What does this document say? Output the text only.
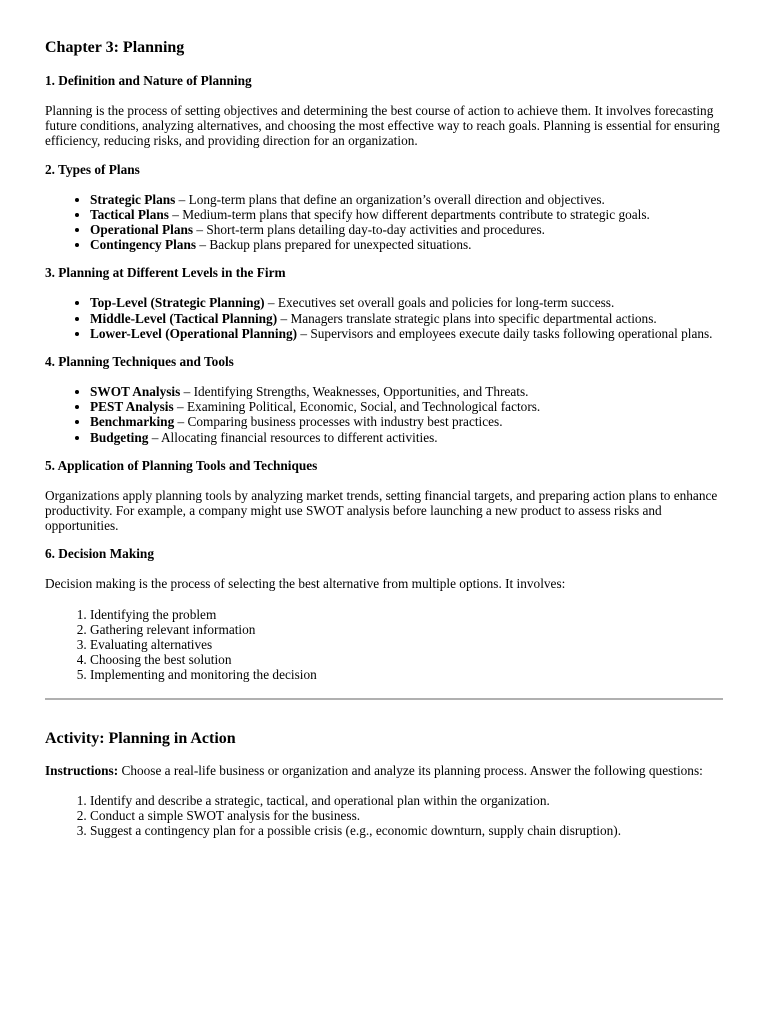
Chapter 3: Planning
1. Definition and Nature of Planning

Planning is the process of setting objectives and determining the best course of action to achieve them. It involves forecasting future conditions, analyzing alternatives, and choosing the most effective way to reach goals. Planning is essential for ensuring efficiency, reducing risks, and providing direction for an organization.

2. Types of Plans
• Strategic Plans – Long-term plans that define an organization’s overall direction and objectives.
• Tactical Plans – Medium-term plans that specify how different departments contribute to strategic goals.
• Operational Plans – Short-term plans detailing day-to-day activities and procedures.
• Contingency Plans – Backup plans prepared for unexpected situations.
3. Planning at Different Levels in the Firm
• Top-Level (Strategic Planning) – Executives set overall goals and policies for long-term success.
• Middle-Level (Tactical Planning) – Managers translate strategic plans into specific departmental actions.
• Lower-Level (Operational Planning) – Supervisors and employees execute daily tasks following operational plans.
4. Planning Techniques and Tools
• SWOT Analysis – Identifying Strengths, Weaknesses, Opportunities, and Threats.
• PEST Analysis – Examining Political, Economic, Social, and Technological factors.
• Benchmarking – Comparing business processes with industry best practices.
• Budgeting – Allocating financial resources to different activities.
5. Application of Planning Tools and Techniques

Organizations apply planning tools by analyzing market trends, setting financial targets, and preparing action plans to enhance productivity. For example, a company might use SWOT analysis before launching a new product to assess risks and opportunities.

6. Decision Making

Decision making is the process of selecting the best alternative from multiple options. It involves:

1. Identifying the problem
2. Gathering relevant information
3. Evaluating alternatives
4. Choosing the best solution
5. Implementing and monitoring the decision
Activity: Planning in Action

Instructions: Choose a real-life business or organization and analyze its planning process. Answer the following questions:

1. Identify and describe a strategic, tactical, and operational plan within the organization.
2. Conduct a simple SWOT analysis for the business.
3. Suggest a contingency plan for a possible crisis (e.g., economic downturn, supply chain disruption).
